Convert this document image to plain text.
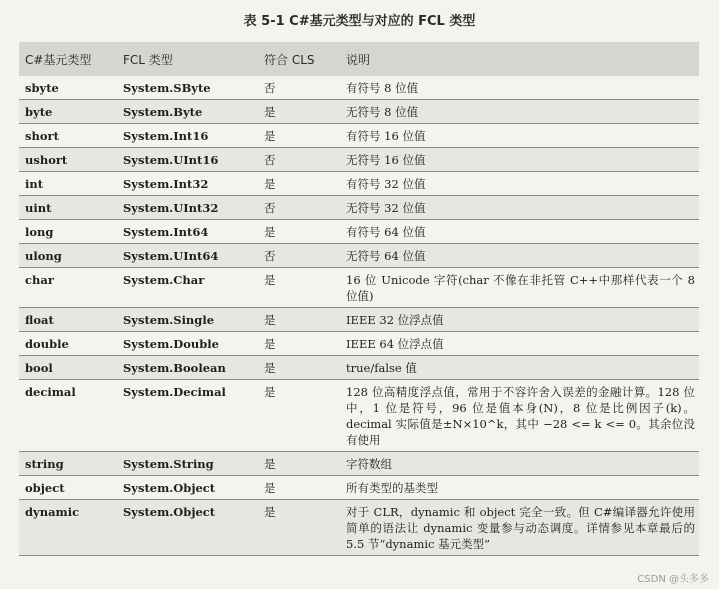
表 5-1 C#基元类型与对应的 FCL 类型
C#基元类型	FCL 类型	符合 CLS	说明
sbyte	System.SByte	否	有符号 8 位值
byte	System.Byte	是	无符号 8 位值
short	System.Int16	是	有符号 16 位值
ushort	System.UInt16	否	无符号 16 位值
int	System.Int32	是	有符号 32 位值
uint	System.UInt32	否	无符号 32 位值
long	System.Int64	是	有符号 64 位值
ulong	System.UInt64	否	无符号 64 位值
char	System.Char	是	16 位 Unicode 字符(char 不像在非托管 C++中那样代表一个 8 位值)
float	System.Single	是	IEEE 32 位浮点值
double	System.Double	是	IEEE 64 位浮点值
bool	System.Boolean	是	true/false 值
decimal	System.Decimal	是	128 位高精度浮点值，常用于不容许舍入误差的金融计算。128 位中，1 位是符号，96 位是值本身(N)，8 位是比例因子(k)。decimal 实际值是±N×10^k，其中 −28 <= k <= 0。其余位没有使用
string	System.String	是	字符数组
object	System.Object	是	所有类型的基类型
dynamic	System.Object	是	对于 CLR，dynamic 和 object 完全一致。但 C#编译器允许使用简单的语法让 dynamic 变量参与动态调度。详情参见本章最后的 5.5 节“dynamic 基元类型”
CSDN @头多多
